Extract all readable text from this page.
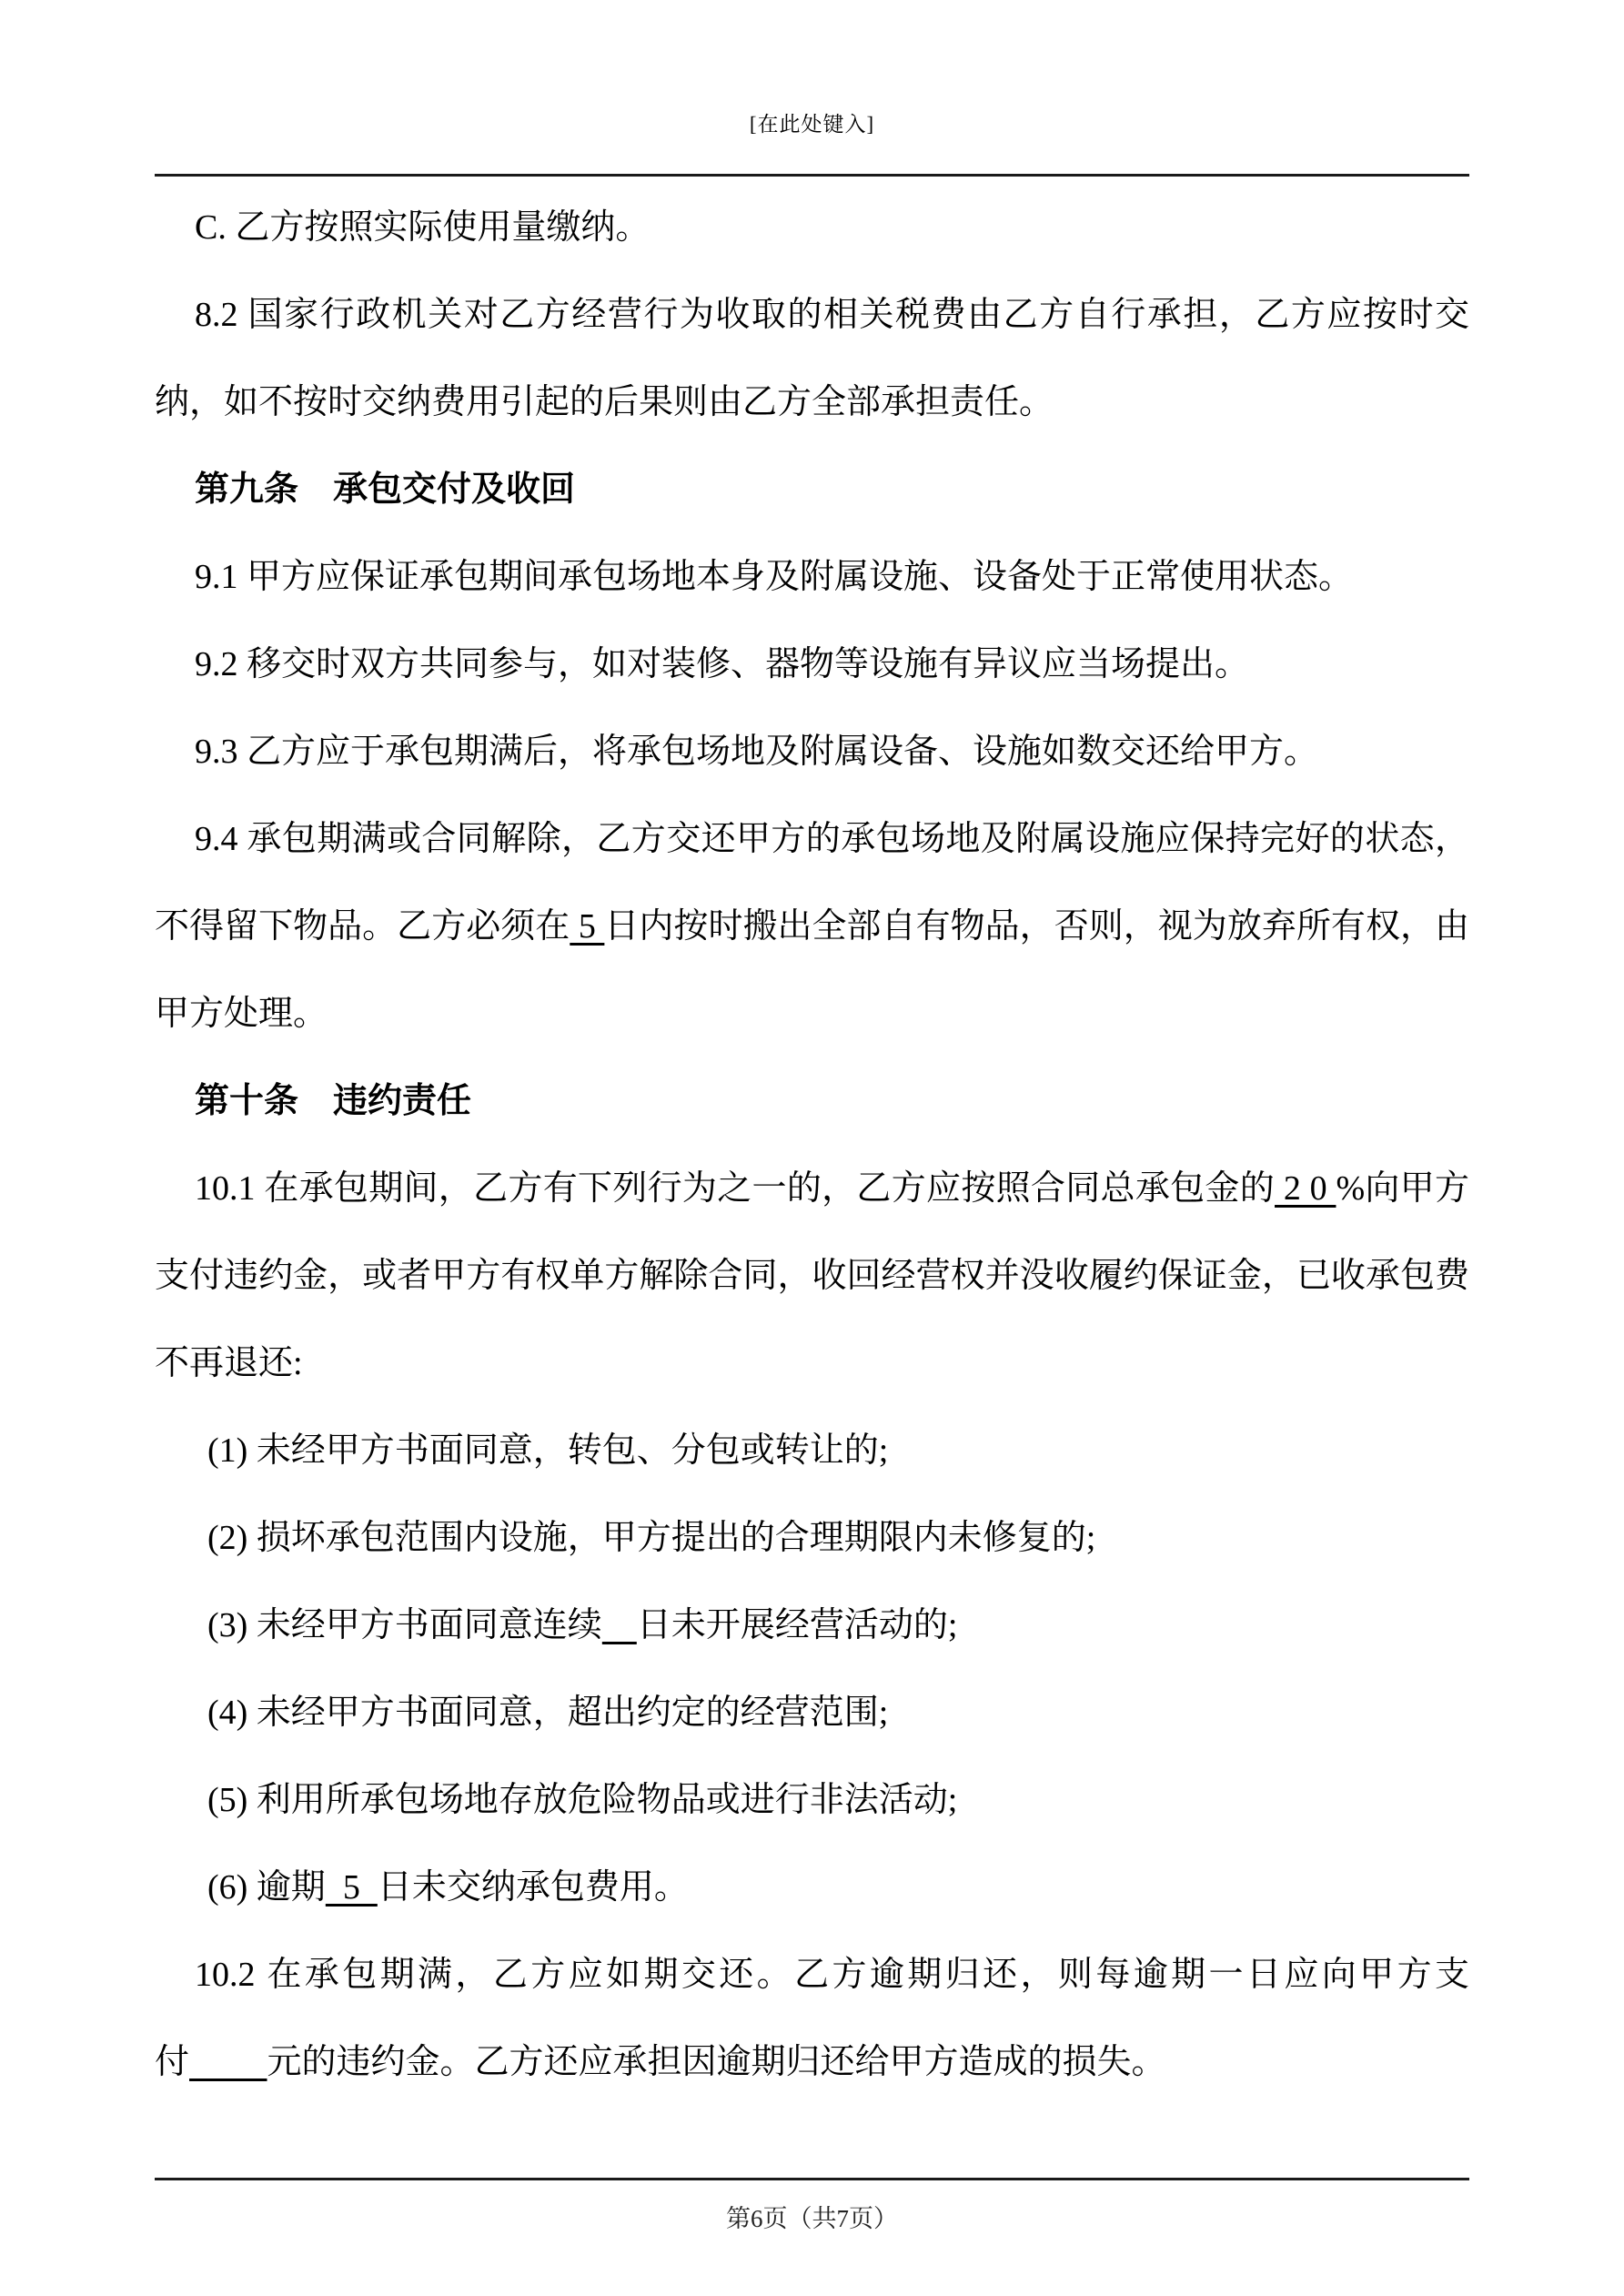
[在此处键入]

C. 乙方按照实际使用量缴纳。

8.2 国家行政机关对乙方经营行为收取的相关税费由乙方自行承担，乙方应按时交纳，如不按时交纳费用引起的后果则由乙方全部承担责任。

第九条　承包交付及收回

9.1 甲方应保证承包期间承包场地本身及附属设施、设备处于正常使用状态。

9.2 移交时双方共同参与，如对装修、器物等设施有异议应当场提出。

9.3 乙方应于承包期满后，将承包场地及附属设备、设施如数交还给甲方。

9.4 承包期满或合同解除，乙方交还甲方的承包场地及附属设施应保持完好的状态，不得留下物品。乙方必须在 5 日内按时搬出全部自有物品，否则，视为放弃所有权，由甲方处理。

第十条　违约责任

10.1 在承包期间，乙方有下列行为之一的，乙方应按照合同总承包金的 2 0 %向甲方支付违约金，或者甲方有权单方解除合同，收回经营权并没收履约保证金，已收承包费不再退还:

(1) 未经甲方书面同意，转包、分包或转让的;

(2) 损坏承包范围内设施，甲方提出的合理期限内未修复的;

(3) 未经甲方书面同意连续 日未开展经营活动的;

(4) 未经甲方书面同意，超出约定的经营范围;

(5) 利用所承包场地存放危险物品或进行非法活动;

(6) 逾期  5  日未交纳承包费用。

10.2 在承包期满，乙方应如期交还。乙方逾期归还，则每逾期一日应向甲方支付 元的违约金。乙方还应承担因逾期归还给甲方造成的损失。

第6页（共7页）
